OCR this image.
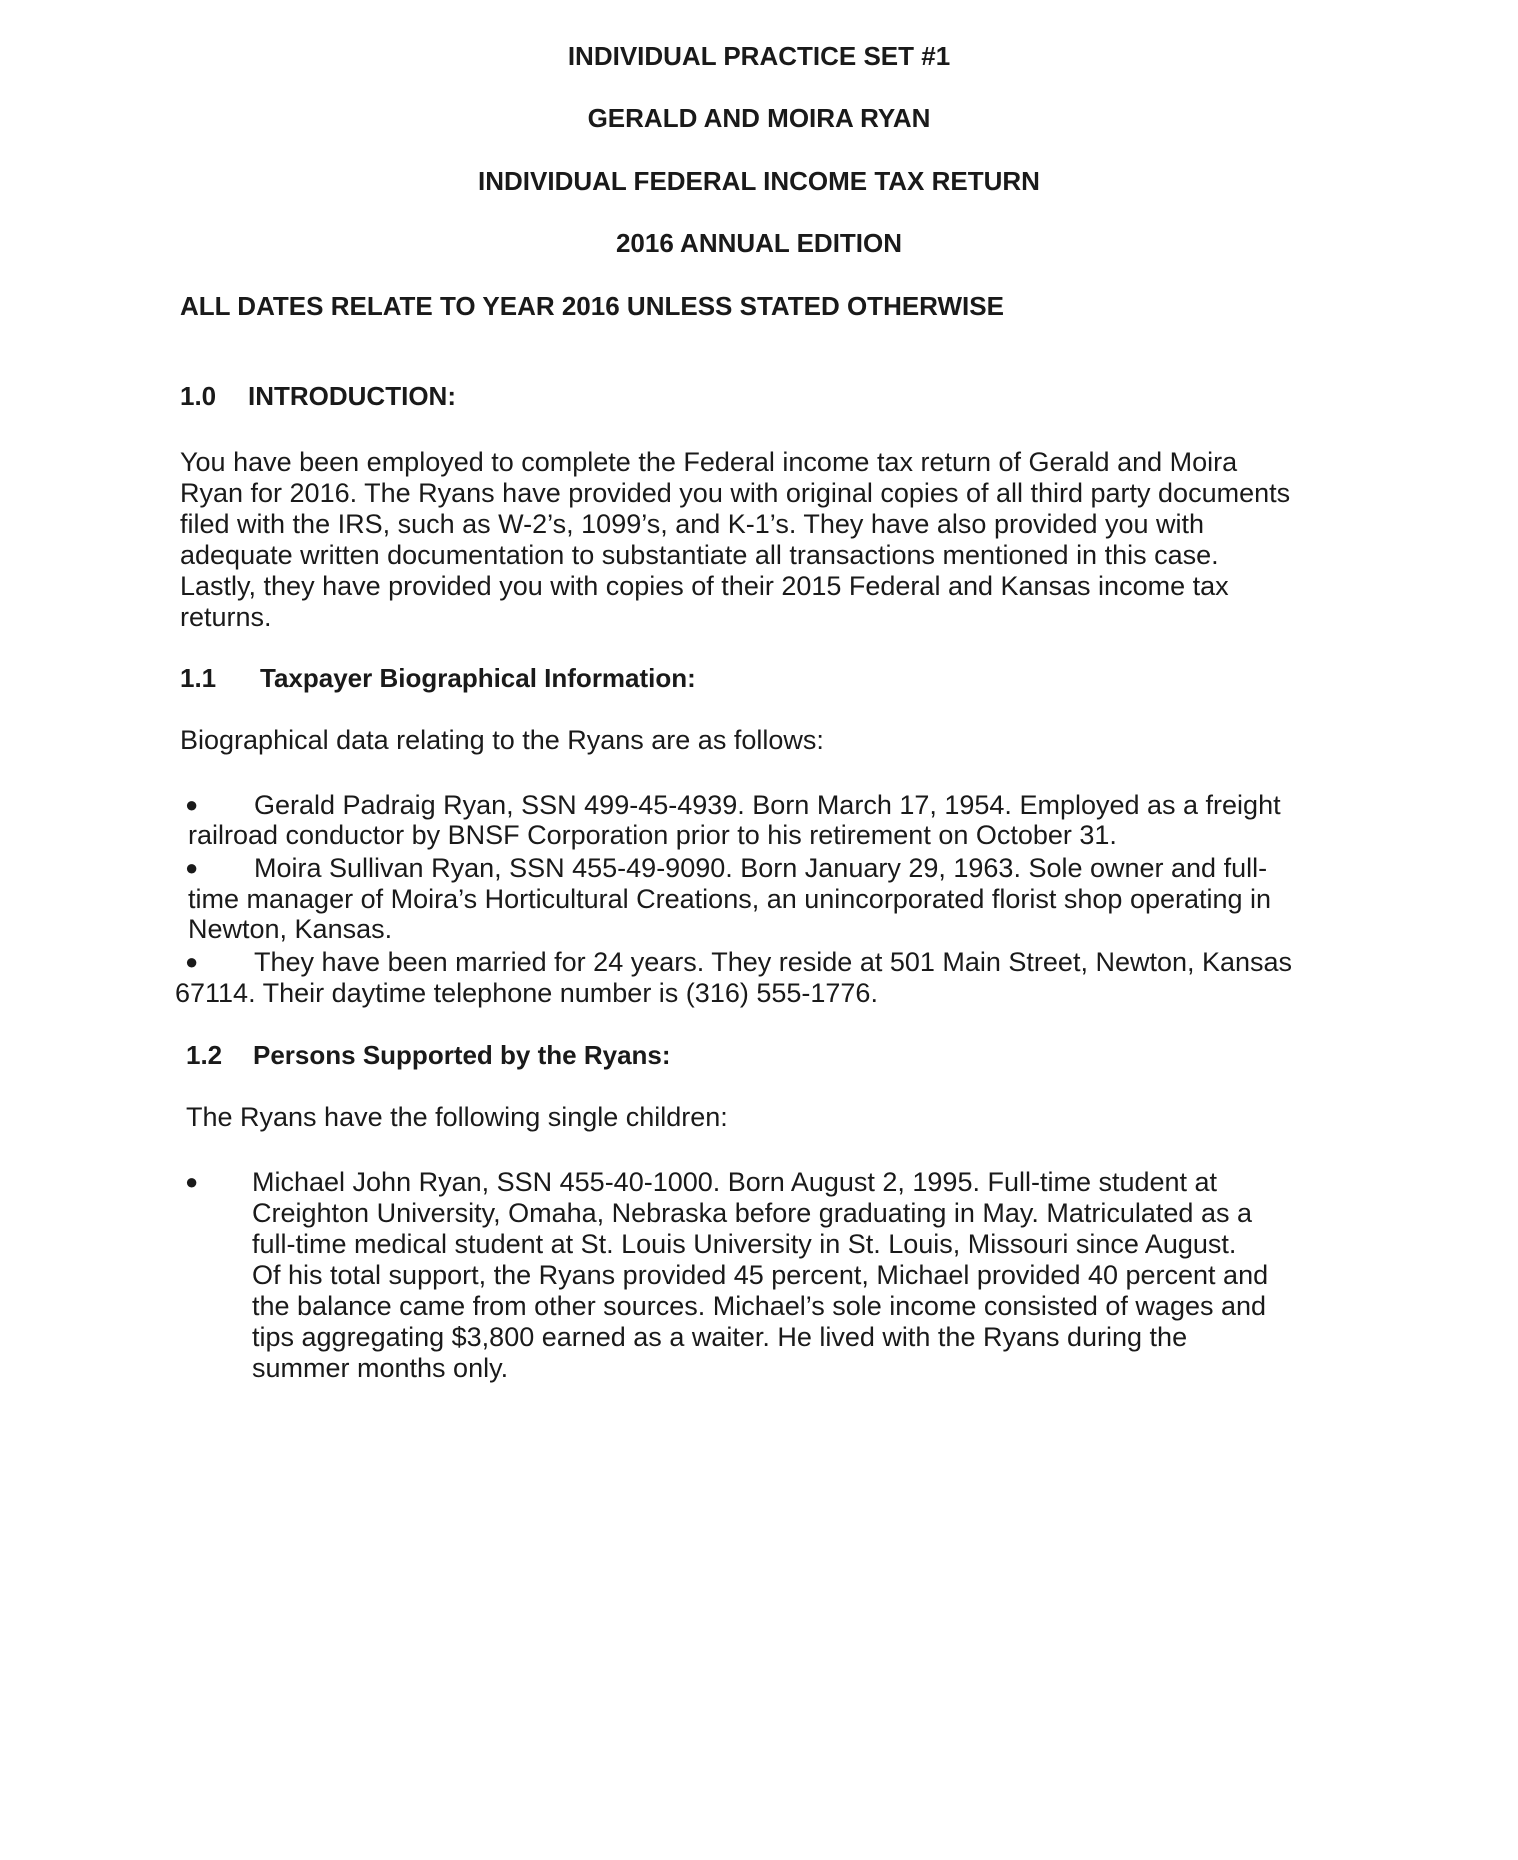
INDIVIDUAL PRACTICE SET #1

GERALD AND MOIRA RYAN

INDIVIDUAL FEDERAL INCOME TAX RETURN

2016 ANNUAL EDITION

ALL DATES RELATE TO YEAR 2016 UNLESS STATED OTHERWISE

1.0 INTRODUCTION:

You have been employed to complete the Federal income tax return of Gerald and Moira

Ryan for 2016. The Ryans have provided you with original copies of all third party documents

filed with the IRS, such as W-2’s, 1099’s, and K-1’s. They have also provided you with

adequate written documentation to substantiate all transactions mentioned in this case.

Lastly, they have provided you with copies of their 2015 Federal and Kansas income tax

returns.

1.1 Taxpayer Biographical Information:

Biographical data relating to the Ryans are as follows:

● Gerald Padraig Ryan, SSN 499-45-4939. Born March 17, 1954. Employed as a freight

railroad conductor by BNSF Corporation prior to his retirement on October 31.

● Moira Sullivan Ryan, SSN 455-49-9090. Born January 29, 1963. Sole owner and full-

time manager of Moira’s Horticultural Creations, an unincorporated florist shop operating in

Newton, Kansas.

● They have been married for 24 years. They reside at 501 Main Street, Newton, Kansas

67114. Their daytime telephone number is (316) 555-1776.

1.2 Persons Supported by the Ryans:

The Ryans have the following single children:

● Michael John Ryan, SSN 455-40-1000. Born August 2, 1995. Full-time student at

Creighton University, Omaha, Nebraska before graduating in May. Matriculated as a

full-time medical student at St. Louis University in St. Louis, Missouri since August.

Of his total support, the Ryans provided 45 percent, Michael provided 40 percent and

the balance came from other sources. Michael’s sole income consisted of wages and

tips aggregating $3,800 earned as a waiter. He lived with the Ryans during the

summer months only.
